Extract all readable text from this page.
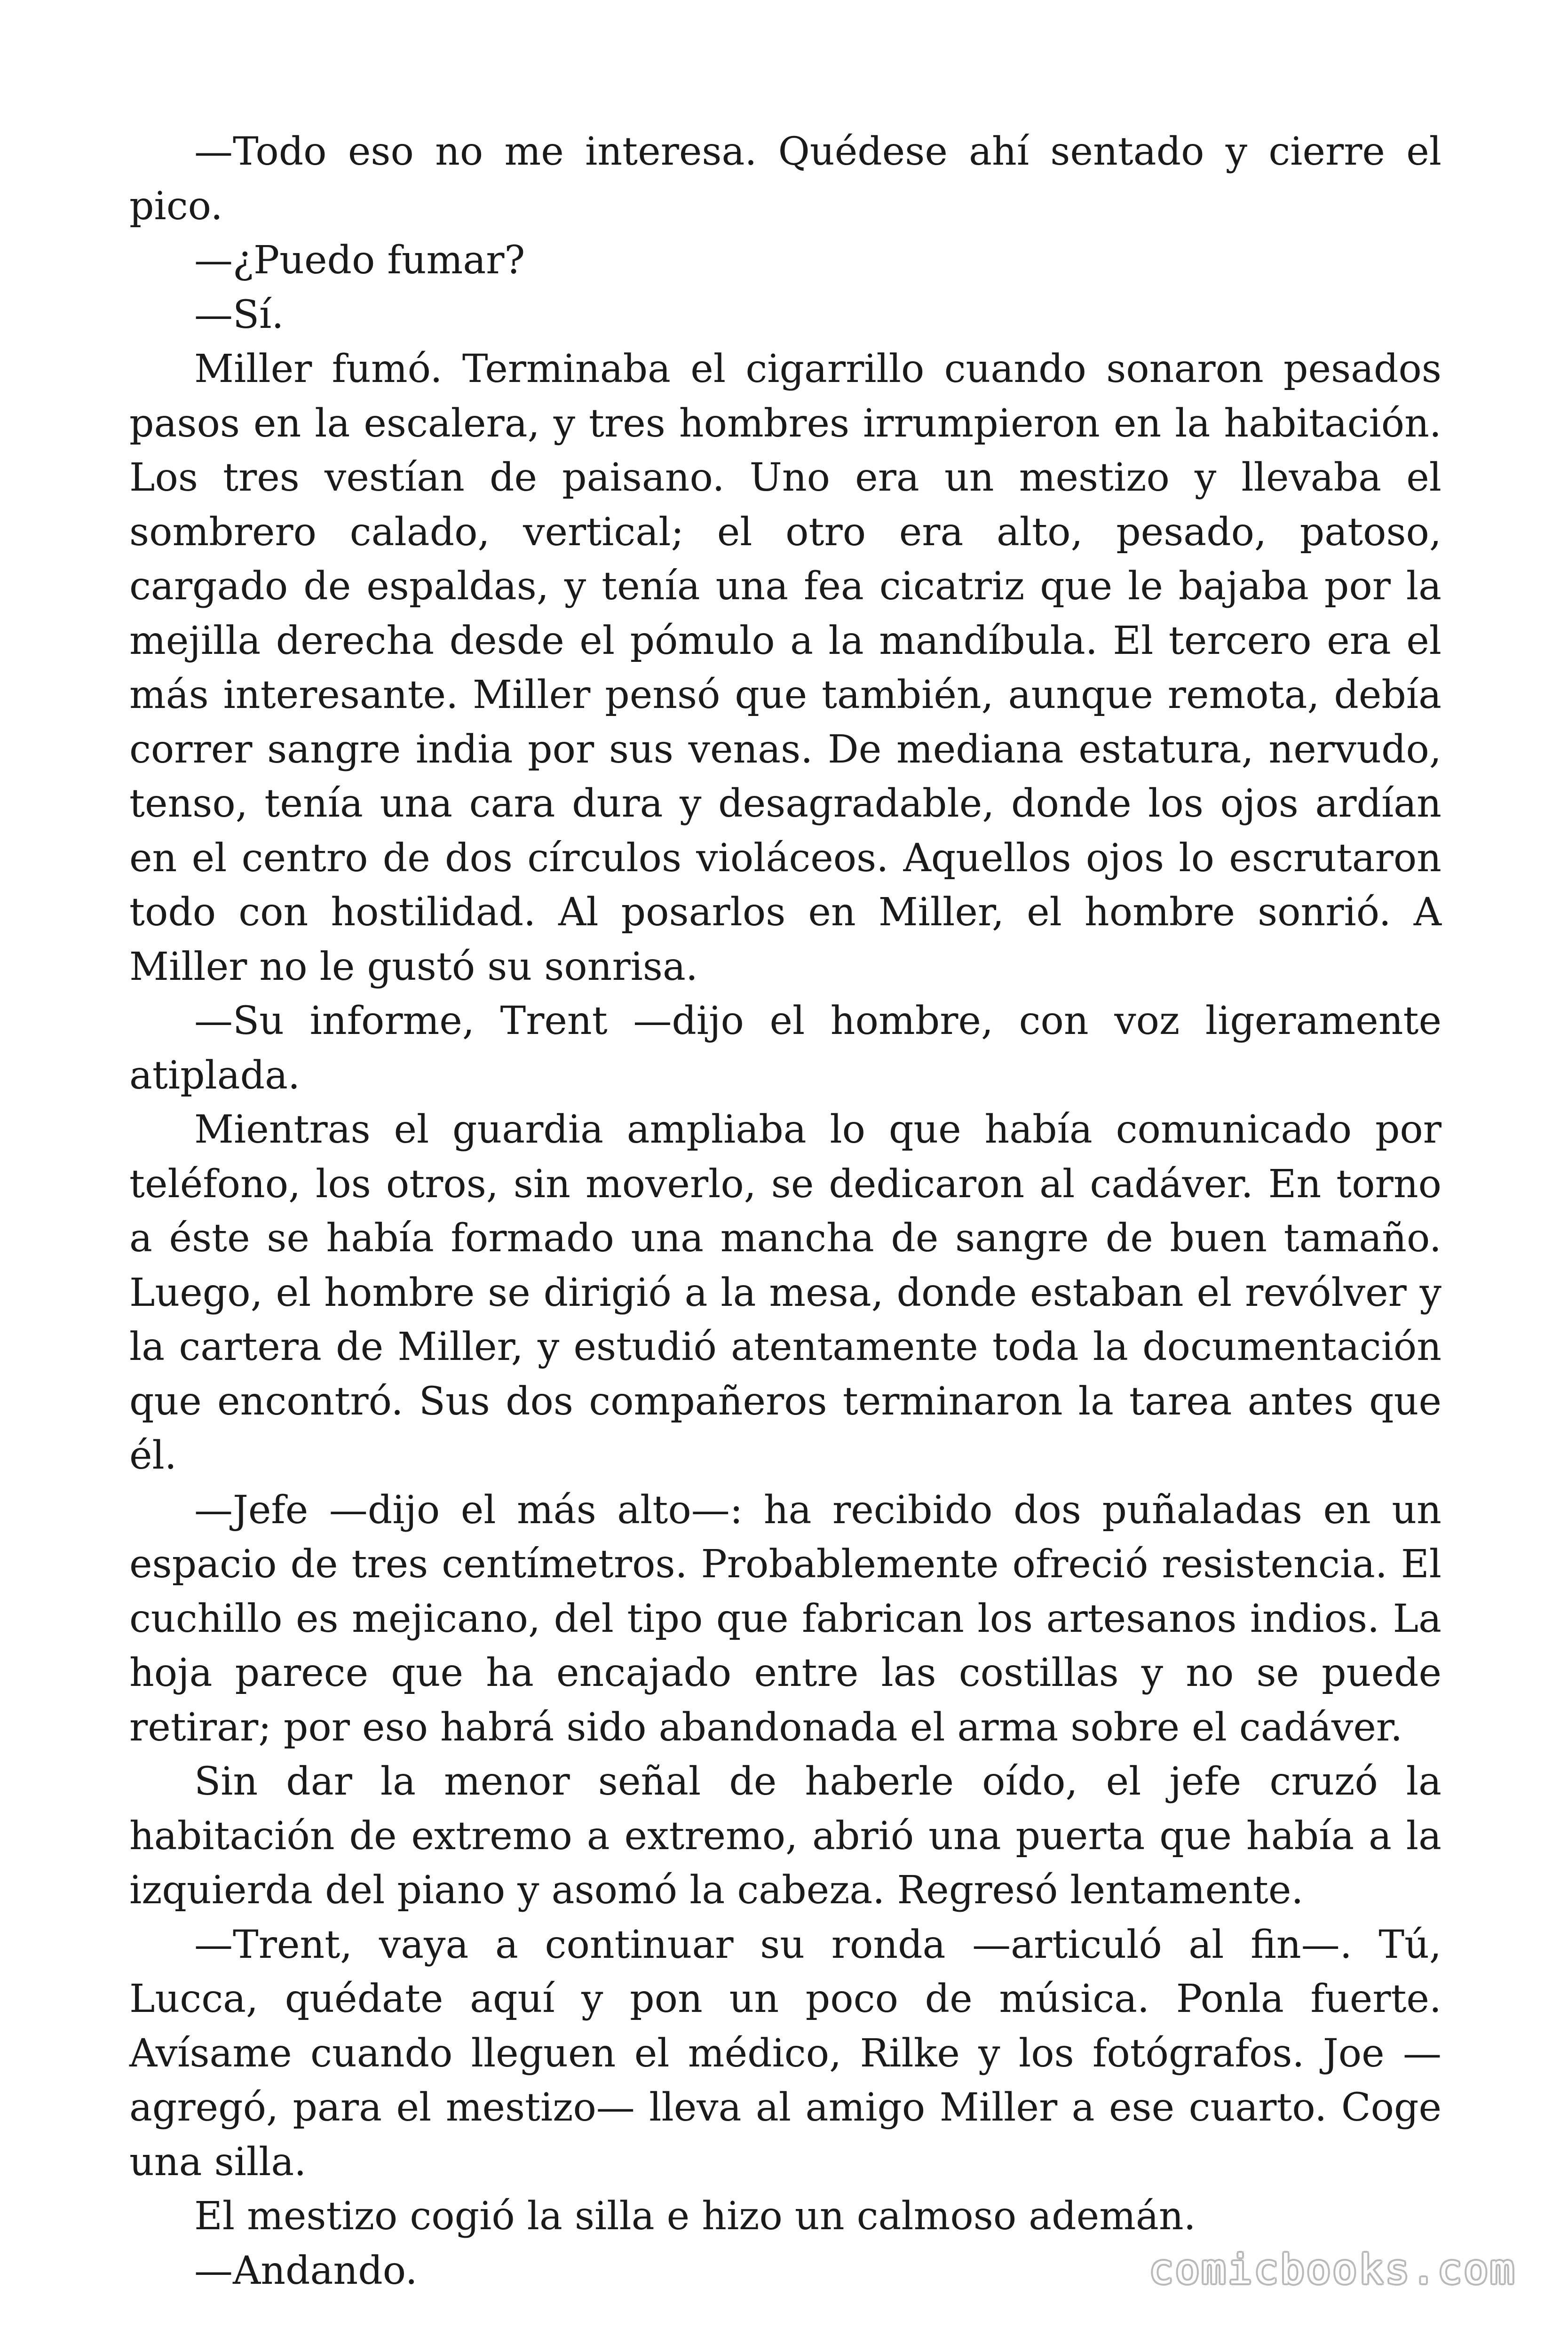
—Todo eso no me interesa. Quédese ahí sentado y cierre el pico.

—¿Puedo fumar?

—Sí.

Miller fumó. Terminaba el cigarrillo cuando sonaron pesados pasos en la escalera, y tres hombres irrumpieron en la habitación. Los tres vestían de paisano. Uno era un mestizo y llevaba el sombrero calado, vertical; el otro era alto, pesado, patoso, cargado de espaldas, y tenía una fea cicatriz que le bajaba por la mejilla derecha desde el pómulo a la mandíbula. El tercero era el más interesante. Miller pensó que también, aunque remota, debía correr sangre india por sus venas. De mediana estatura, nervudo, tenso, tenía una cara dura y desagradable, donde los ojos ardían en el centro de dos círculos violáceos. Aquellos ojos lo escrutaron todo con hostilidad. Al posarlos en Miller, el hombre sonrió. A Miller no le gustó su sonrisa.

—Su informe, Trent —dijo el hombre, con voz ligeramente atiplada.

Mientras el guardia ampliaba lo que había comunicado por teléfono, los otros, sin moverlo, se dedicaron al cadáver. En torno a éste se había formado una mancha de sangre de buen tamaño. Luego, el hombre se dirigió a la mesa, donde estaban el revólver y la cartera de Miller, y estudió atentamente toda la documentación que encontró. Sus dos compañeros terminaron la tarea antes que él.

—Jefe —dijo el más alto—: ha recibido dos puñaladas en un espacio de tres centímetros. Probablemente ofreció resistencia. El cuchillo es mejicano, del tipo que fabrican los artesanos indios. La hoja parece que ha encajado entre las costillas y no se puede retirar; por eso habrá sido abandonada el arma sobre el cadáver.

Sin dar la menor señal de haberle oído, el jefe cruzó la habitación de extremo a extremo, abrió una puerta que había a la izquierda del piano y asomó la cabeza. Regresó lentamente.

—Trent, vaya a continuar su ronda —articuló al fin—. Tú, Lucca, quédate aquí y pon un poco de música. Ponla fuerte. Avísame cuando lleguen el médico, Rilke y los fotógrafos. Joe —agregó, para el mestizo— lleva al amigo Miller a ese cuarto. Coge una silla.

El mestizo cogió la silla e hizo un calmoso ademán.

—Andando.	comicbooks.com
